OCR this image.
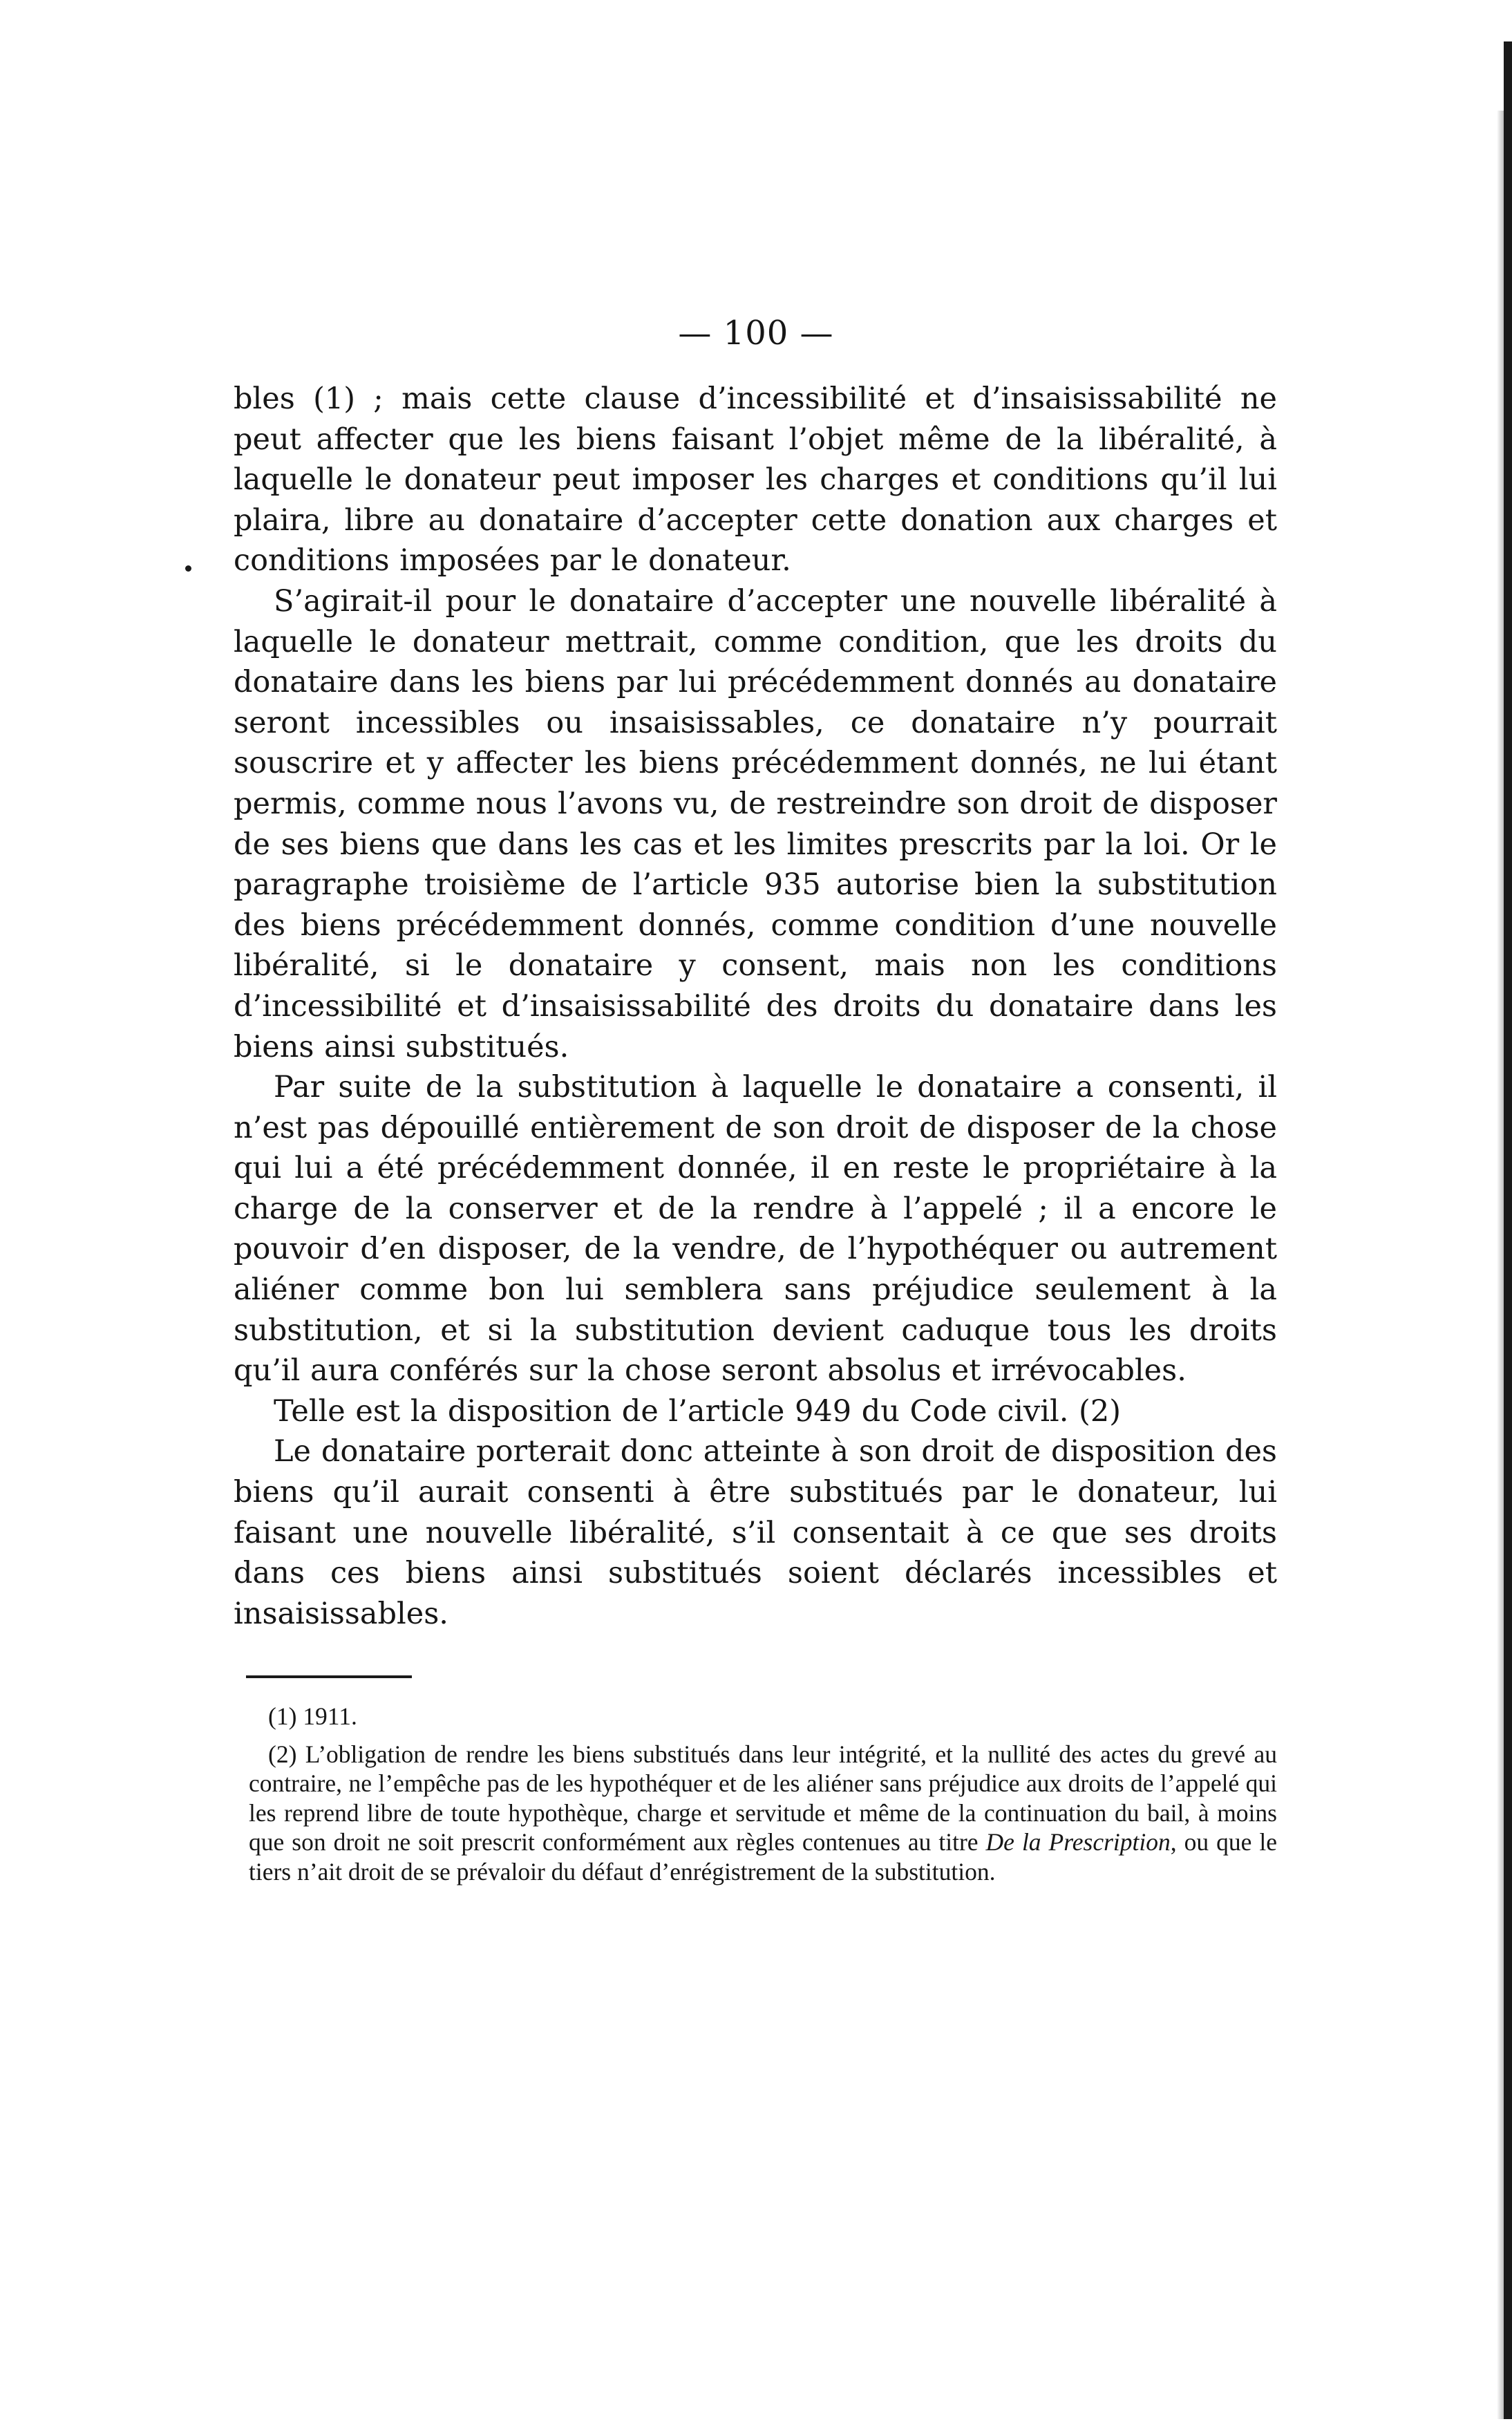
— 100 —

bles (1) ; mais cette clause d’incessibilité et d’insaisissabilité ne peut affecter que les biens faisant l’objet même de la libéralité, à laquelle le donateur peut imposer les charges et conditions qu’il lui plaira, libre au donataire d’accepter cette donation aux charges et conditions imposées par le donateur.

S’agirait-il pour le donataire d’accepter une nouvelle libéralité à laquelle le donateur mettrait, comme condition, que les droits du donataire dans les biens par lui précédemment donnés au donataire seront incessibles ou insaisissables, ce donataire n’y pourrait souscrire et y affecter les biens précédemment donnés, ne lui étant permis, comme nous l’avons vu, de restreindre son droit de disposer de ses biens que dans les cas et les limites prescrits par la loi. Or le paragraphe troisième de l’article 935 autorise bien la substitution des biens précédemment donnés, comme condition d’une nouvelle libéralité, si le donataire y consent, mais non les conditions d’incessibilité et d’insaisissabilité des droits du donataire dans les biens ainsi substitués.

Par suite de la substitution à laquelle le donataire a consenti, il n’est pas dépouillé entièrement de son droit de disposer de la chose qui lui a été précédemment donnée, il en reste le propriétaire à la charge de la conserver et de la rendre à l’appelé ; il a encore le pouvoir d’en disposer, de la vendre, de l’hypothéquer ou autrement aliéner comme bon lui semblera sans préjudice seulement à la substitution, et si la substitution devient caduque tous les droits qu’il aura conférés sur la chose seront absolus et irrévocables.

Telle est la disposition de l’article 949 du Code civil. (2)

Le donataire porterait donc atteinte à son droit de disposition des biens qu’il aurait consenti à être substitués par le donateur, lui faisant une nouvelle libéralité, s’il consentait à ce que ses droits dans ces biens ainsi substitués soient déclarés incessibles et insaisissables.

(1) 1911.

(2) L’obligation de rendre les biens substitués dans leur intégrité, et la nullité des actes du grevé au contraire, ne l’empêche pas de les hypothéquer et de les aliéner sans préjudice aux droits de l’appelé qui les reprend libre de toute hypothèque, charge et servitude et même de la continuation du bail, à moins que son droit ne soit prescrit conformément aux règles contenues au titre De la Prescription, ou que le tiers n’ait droit de se prévaloir du défaut d’enrégistrement de la substitution.
